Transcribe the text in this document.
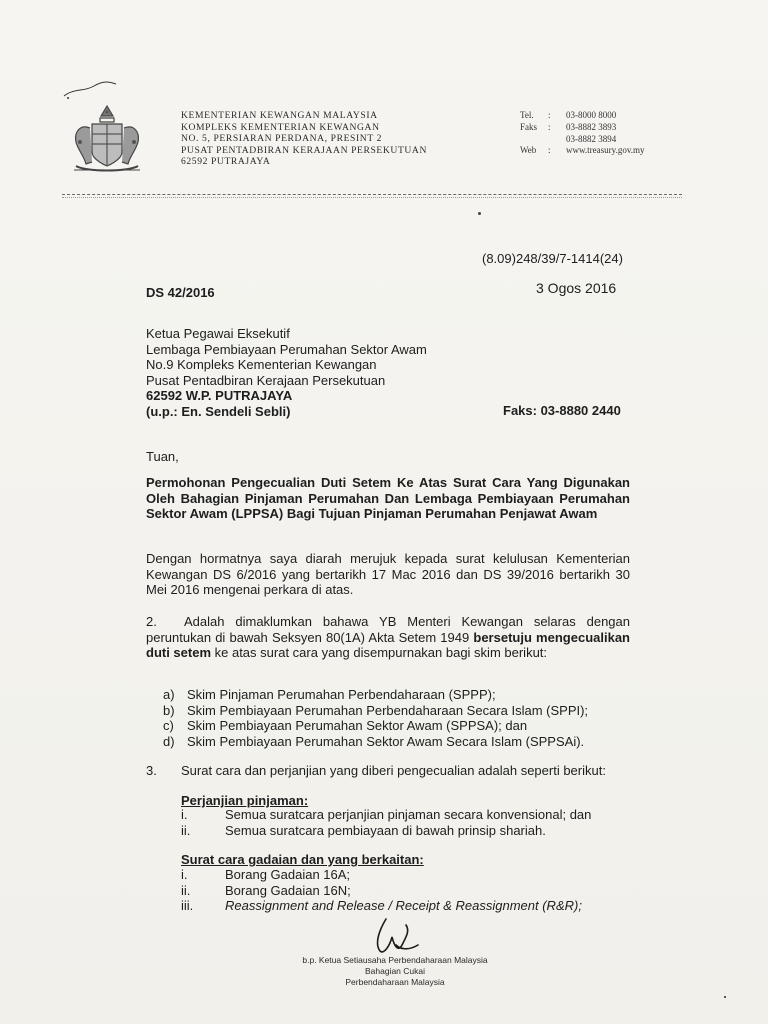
KEMENTERIAN KEWANGAN MALAYSIA
KOMPLEKS KEMENTERIAN KEWANGAN
NO. 5, PERSIARAN PERDANA, PRESINT 2
PUSAT PENTADBIRAN KERAJAAN PERSEKUTUAN
62592 PUTRAJAYA
Tel.	:	03-8000 8000
Faks	:	03-8882 3893
03-8882 3894
Web	:	www.treasury.gov.my
(8.09)248/39/7-1414(24)
DS 42/2016	3 Ogos 2016
Ketua Pegawai Eksekutif
Lembaga Pembiayaan Perumahan Sektor Awam
No.9 Kompleks Kementerian Kewangan
Pusat Pentadbiran Kerajaan Persekutuan
62592 W.P. PUTRAJAYA
(u.p.: En. Sendeli Sebli)	Faks: 03-8880 2440
Tuan,
Permohonan Pengecualian Duti Setem Ke Atas Surat Cara Yang Digunakan Oleh Bahagian Pinjaman Perumahan Dan Lembaga Pembiayaan Perumahan Sektor Awam (LPPSA) Bagi Tujuan Pinjaman Perumahan Penjawat Awam
Dengan hormatnya saya diarah merujuk kepada surat kelulusan Kementerian Kewangan DS 6/2016 yang bertarikh 17 Mac 2016 dan DS 39/2016 bertarikh 30 Mei 2016 mengenai perkara di atas.
2.	Adalah dimaklumkan bahawa YB Menteri Kewangan selaras dengan peruntukan di bawah Seksyen 80(1A) Akta Setem 1949 bersetuju mengecualikan duti setem ke atas surat cara yang disempurnakan bagi skim berikut:
a) Skim Pinjaman Perumahan Perbendaharaan (SPPP);
b) Skim Pembiayaan Perumahan Perbendaharaan Secara Islam (SPPI);
c)	Skim Pembiayaan Perumahan Sektor Awam (SPPSA); dan
d) Skim Pembiayaan Perumahan Sektor Awam Secara Islam (SPPSAi).
3. Surat cara dan perjanjian yang diberi pengecualian adalah seperti berikut:
Perjanjian pinjaman:
i.	Semua suratcara perjanjian pinjaman secara konvensional; dan
ii.	Semua suratcara pembiayaan di bawah prinsip shariah.
Surat cara gadaian dan yang berkaitan:
i.	Borang Gadaian 16A;
ii.	Borang Gadaian 16N;
iii.	Reassignment and Release / Receipt & Reassignment (R&R);
b.p. Ketua Setiausaha Perbendaharaan Malaysia
Bahagian Cukai
Perbendaharaan Malaysia
